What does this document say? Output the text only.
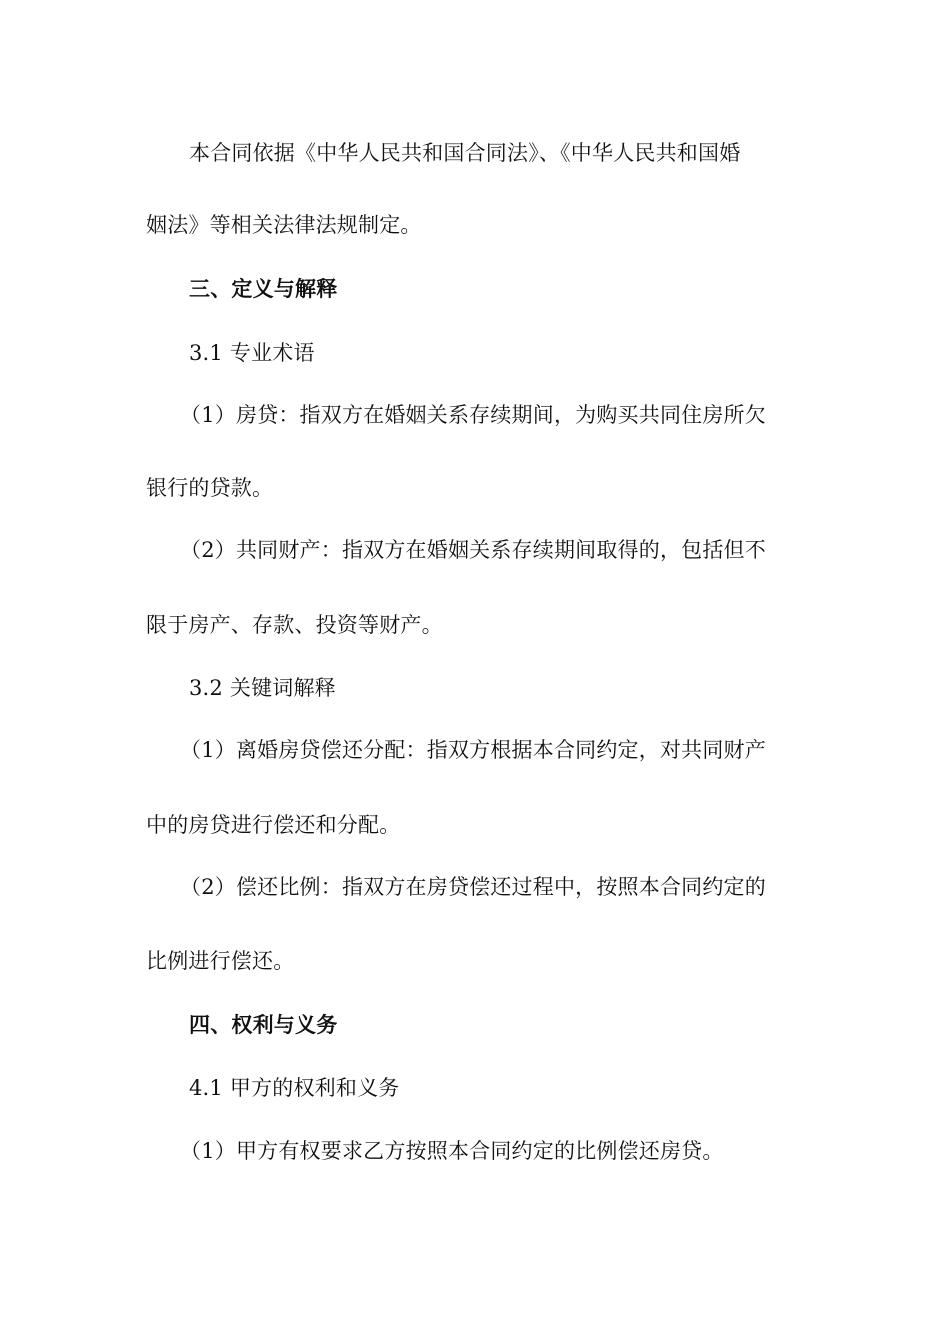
本合同依据《中华人民共和国合同法》、《中华人民共和国婚
姻法》等相关法律法规制定。
三、定义与解释
3.1 专业术语
（1）房贷：指双方在婚姻关系存续期间，为购买共同住房所欠
银行的贷款。
（2）共同财产：指双方在婚姻关系存续期间取得的，包括但不
限于房产、存款、投资等财产。
3.2 关键词解释
（1）离婚房贷偿还分配：指双方根据本合同约定，对共同财产
中的房贷进行偿还和分配。
（2）偿还比例：指双方在房贷偿还过程中，按照本合同约定的
比例进行偿还。
四、权利与义务
4.1 甲方的权利和义务
（1）甲方有权要求乙方按照本合同约定的比例偿还房贷。
